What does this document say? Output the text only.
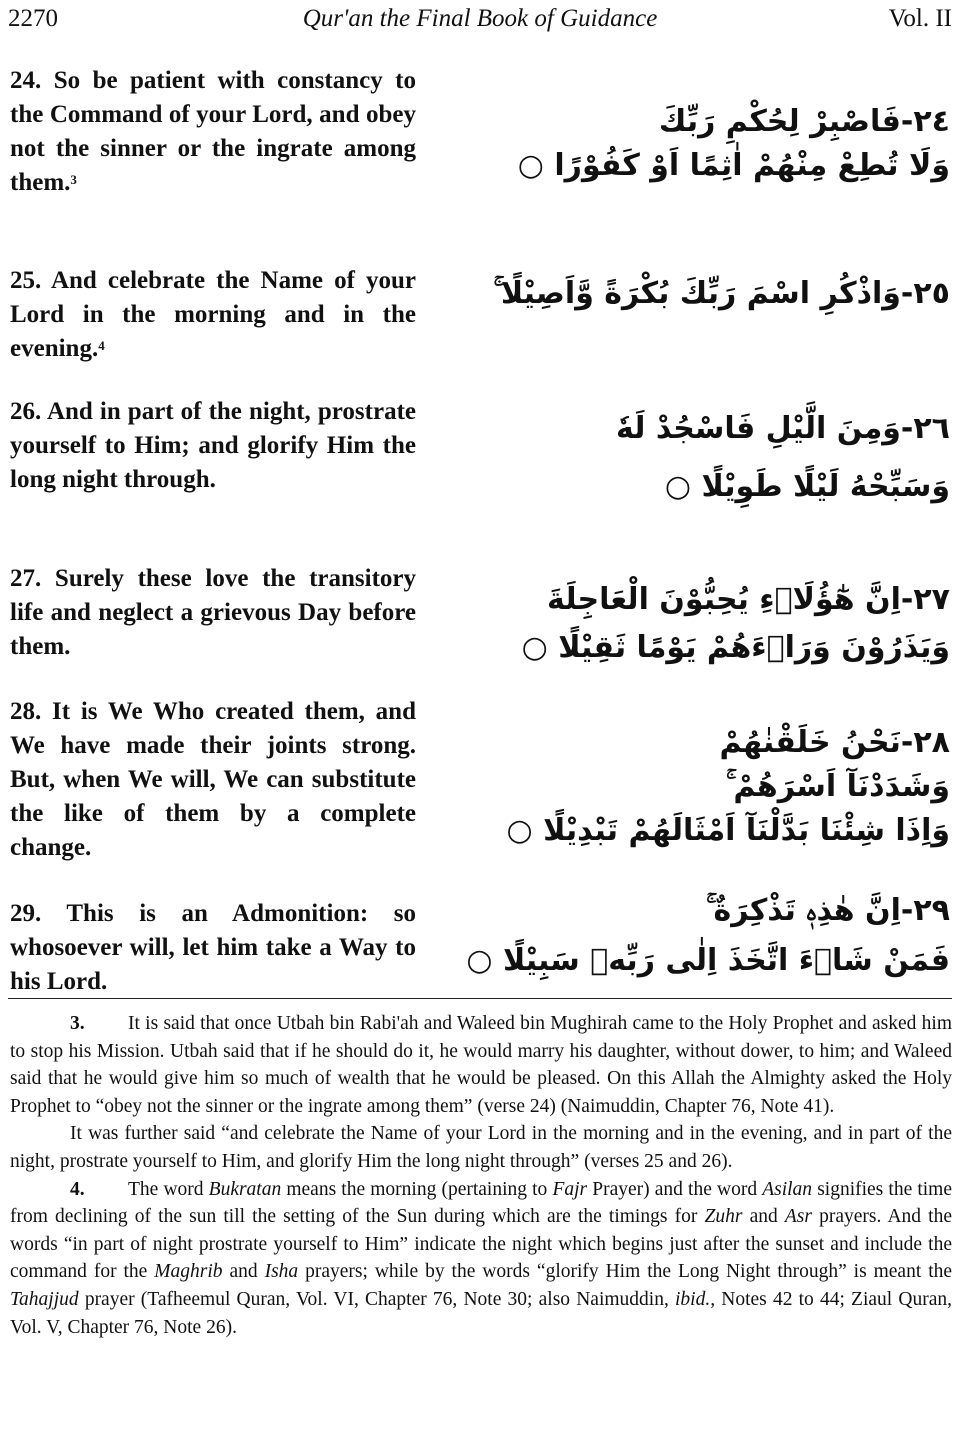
2270	Qur'an the Final Book of Guidance	Vol. II
24. So be patient with constancy to the Command of your Lord, and obey not the sinner or the ingrate among them.$^3$
٢٤-فَاصْبِرْ لِحُكْمِ رَبِّكَ
وَلَا تُطِعْ مِنْهُمْ اٰثِمًا اَوْ كَفُوْرًا ○
25. And celebrate the Name of your Lord in the morning and in the evening.$^4$
٢٥-وَاذْكُرِ اسْمَ رَبِّكَ بُكْرَةً وَّاَصِيْلًا ۚ
26. And in part of the night, prostrate yourself to Him; and glorify Him the long night through.
٢٦-وَمِنَ الَّيْلِ فَاسْجُدْ لَهٗ
وَسَبِّحْهُ لَيْلًا طَوِيْلًا ○
27. Surely these love the transitory life and neglect a grievous Day before them.
٢٧-اِنَّ هٰٓؤُلَاۤءِ يُحِبُّوْنَ الْعَاجِلَةَ
وَيَذَرُوْنَ وَرَاۤءَهُمْ يَوْمًا ثَقِيْلًا ○
28. It is We Who created them, and We have made their joints strong. But, when We will, We can substitute the like of them by a complete change.
٢٨-نَحْنُ خَلَقْنٰهُمْ
وَشَدَدْنَآ اَسْرَهُمْ ۚ
وَاِذَا شِئْنَا بَدَّلْنَآ اَمْثَالَهُمْ تَبْدِيْلًا ○
29. This is an Admonition: so whosoever will, let him take a Way to his Lord.
٢٩-اِنَّ هٰذِهٖ تَذْكِرَةٌ ۚ
فَمَنْ شَاۤءَ اتَّخَذَ اِلٰى رَبِّهٖ سَبِيْلًا ○

3. It is said that once Utbah bin Rabi'ah and Waleed bin Mughirah came to the Holy Prophet and asked him to stop his Mission. Utbah said that if he should do it, he would marry his daughter, without dower, to him; and Waleed said that he would give him so much of wealth that he would be pleased. On this Allah the Almighty asked the Holy Prophet to “obey not the sinner or the ingrate among them” (verse 24) (Naimuddin, Chapter 76, Note 41).

It was further said “and celebrate the Name of your Lord in the morning and in the evening, and in part of the night, prostrate yourself to Him, and glorify Him the long night through” (verses 25 and 26).

4. The word Bukratan means the morning (pertaining to Fajr Prayer) and the word Asilan signifies the time from declining of the sun till the setting of the Sun during which are the timings for Zuhr and Asr prayers. And the words “in part of night prostrate yourself to Him” indicate the night which begins just after the sunset and include the command for the Maghrib and Isha prayers; while by the words “glorify Him the Long Night through” is meant the Tahajjud prayer (Tafheemul Quran, Vol. VI, Chapter 76, Note 30; also Naimuddin, ibid., Notes 42 to 44; Ziaul Quran, Vol. V, Chapter 76, Note 26).
